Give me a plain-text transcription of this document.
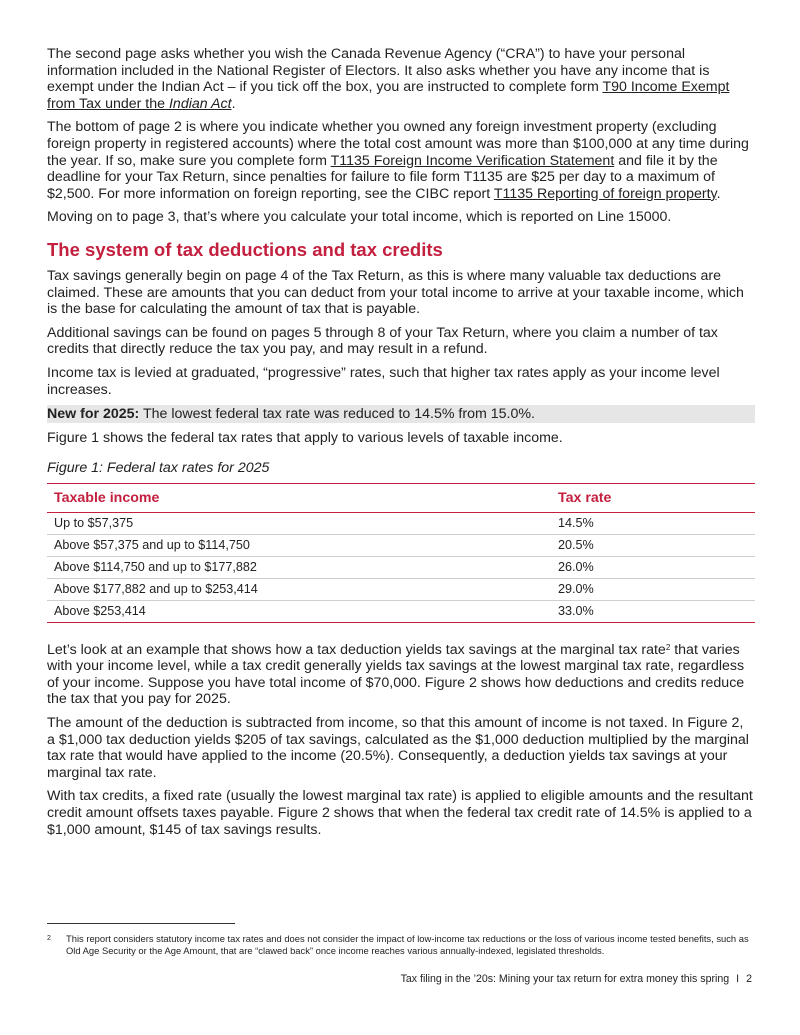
The second page asks whether you wish the Canada Revenue Agency (“CRA”) to have your personal information included in the National Register of Electors. It also asks whether you have any income that is exempt under the Indian Act – if you tick off the box, you are instructed to complete form T90 Income Exempt from Tax under the Indian Act.

The bottom of page 2 is where you indicate whether you owned any foreign investment property (excluding foreign property in registered accounts) where the total cost amount was more than $100,000 at any time during the year. If so, make sure you complete form T1135 Foreign Income Verification Statement and file it by the deadline for your Tax Return, since penalties for failure to file form T1135 are $25 per day to a maximum of $2,500. For more information on foreign reporting, see the CIBC report T1135 Reporting of foreign property.

Moving on to page 3, that’s where you calculate your total income, which is reported on Line 15000.

The system of tax deductions and tax credits

Tax savings generally begin on page 4 of the Tax Return, as this is where many valuable tax deductions are claimed. These are amounts that you can deduct from your total income to arrive at your taxable income, which is the base for calculating the amount of tax that is payable.

Additional savings can be found on pages 5 through 8 of your Tax Return, where you claim a number of tax credits that directly reduce the tax you pay, and may result in a refund.

Income tax is levied at graduated, “progressive” rates, such that higher tax rates apply as your income level increases.

New for 2025: The lowest federal tax rate was reduced to 14.5% from 15.0%.

Figure 1 shows the federal tax rates that apply to various levels of taxable income.

Figure 1: Federal tax rates for 2025
Taxable income	Tax rate
Up to $57,375	14.5%
Above $57,375 and up to $114,750	20.5%
Above $114,750 and up to $177,882	26.0%
Above $177,882 and up to $253,414	29.0%
Above $253,414	33.0%

Let’s look at an example that shows how a tax deduction yields tax savings at the marginal tax rate$^2$ that varies with your income level, while a tax credit generally yields tax savings at the lowest marginal tax rate, regardless of your income. Suppose you have total income of $70,000. Figure 2 shows how deductions and credits reduce the tax that you pay for 2025.

The amount of the deduction is subtracted from income, so that this amount of income is not taxed. In Figure 2, a $1,000 tax deduction yields $205 of tax savings, calculated as the $1,000 deduction multiplied by the marginal tax rate that would have applied to the income (20.5%). Consequently, a deduction yields tax savings at your marginal tax rate.

With tax credits, a fixed rate (usually the lowest marginal tax rate) is applied to eligible amounts and the resultant credit amount offsets taxes payable. Figure 2 shows that when the federal tax credit rate of 14.5% is applied to a $1,000 amount, $145 of tax savings results.

2 This report considers statutory income tax rates and does not consider the impact of low-income tax reductions or the loss of various income tested benefits, such as Old Age Security or the Age Amount, that are “clawed back” once income reaches various annually-indexed, legislated thresholds.
Tax filing in the ’20s: Mining your tax return for extra money this spring I 2
